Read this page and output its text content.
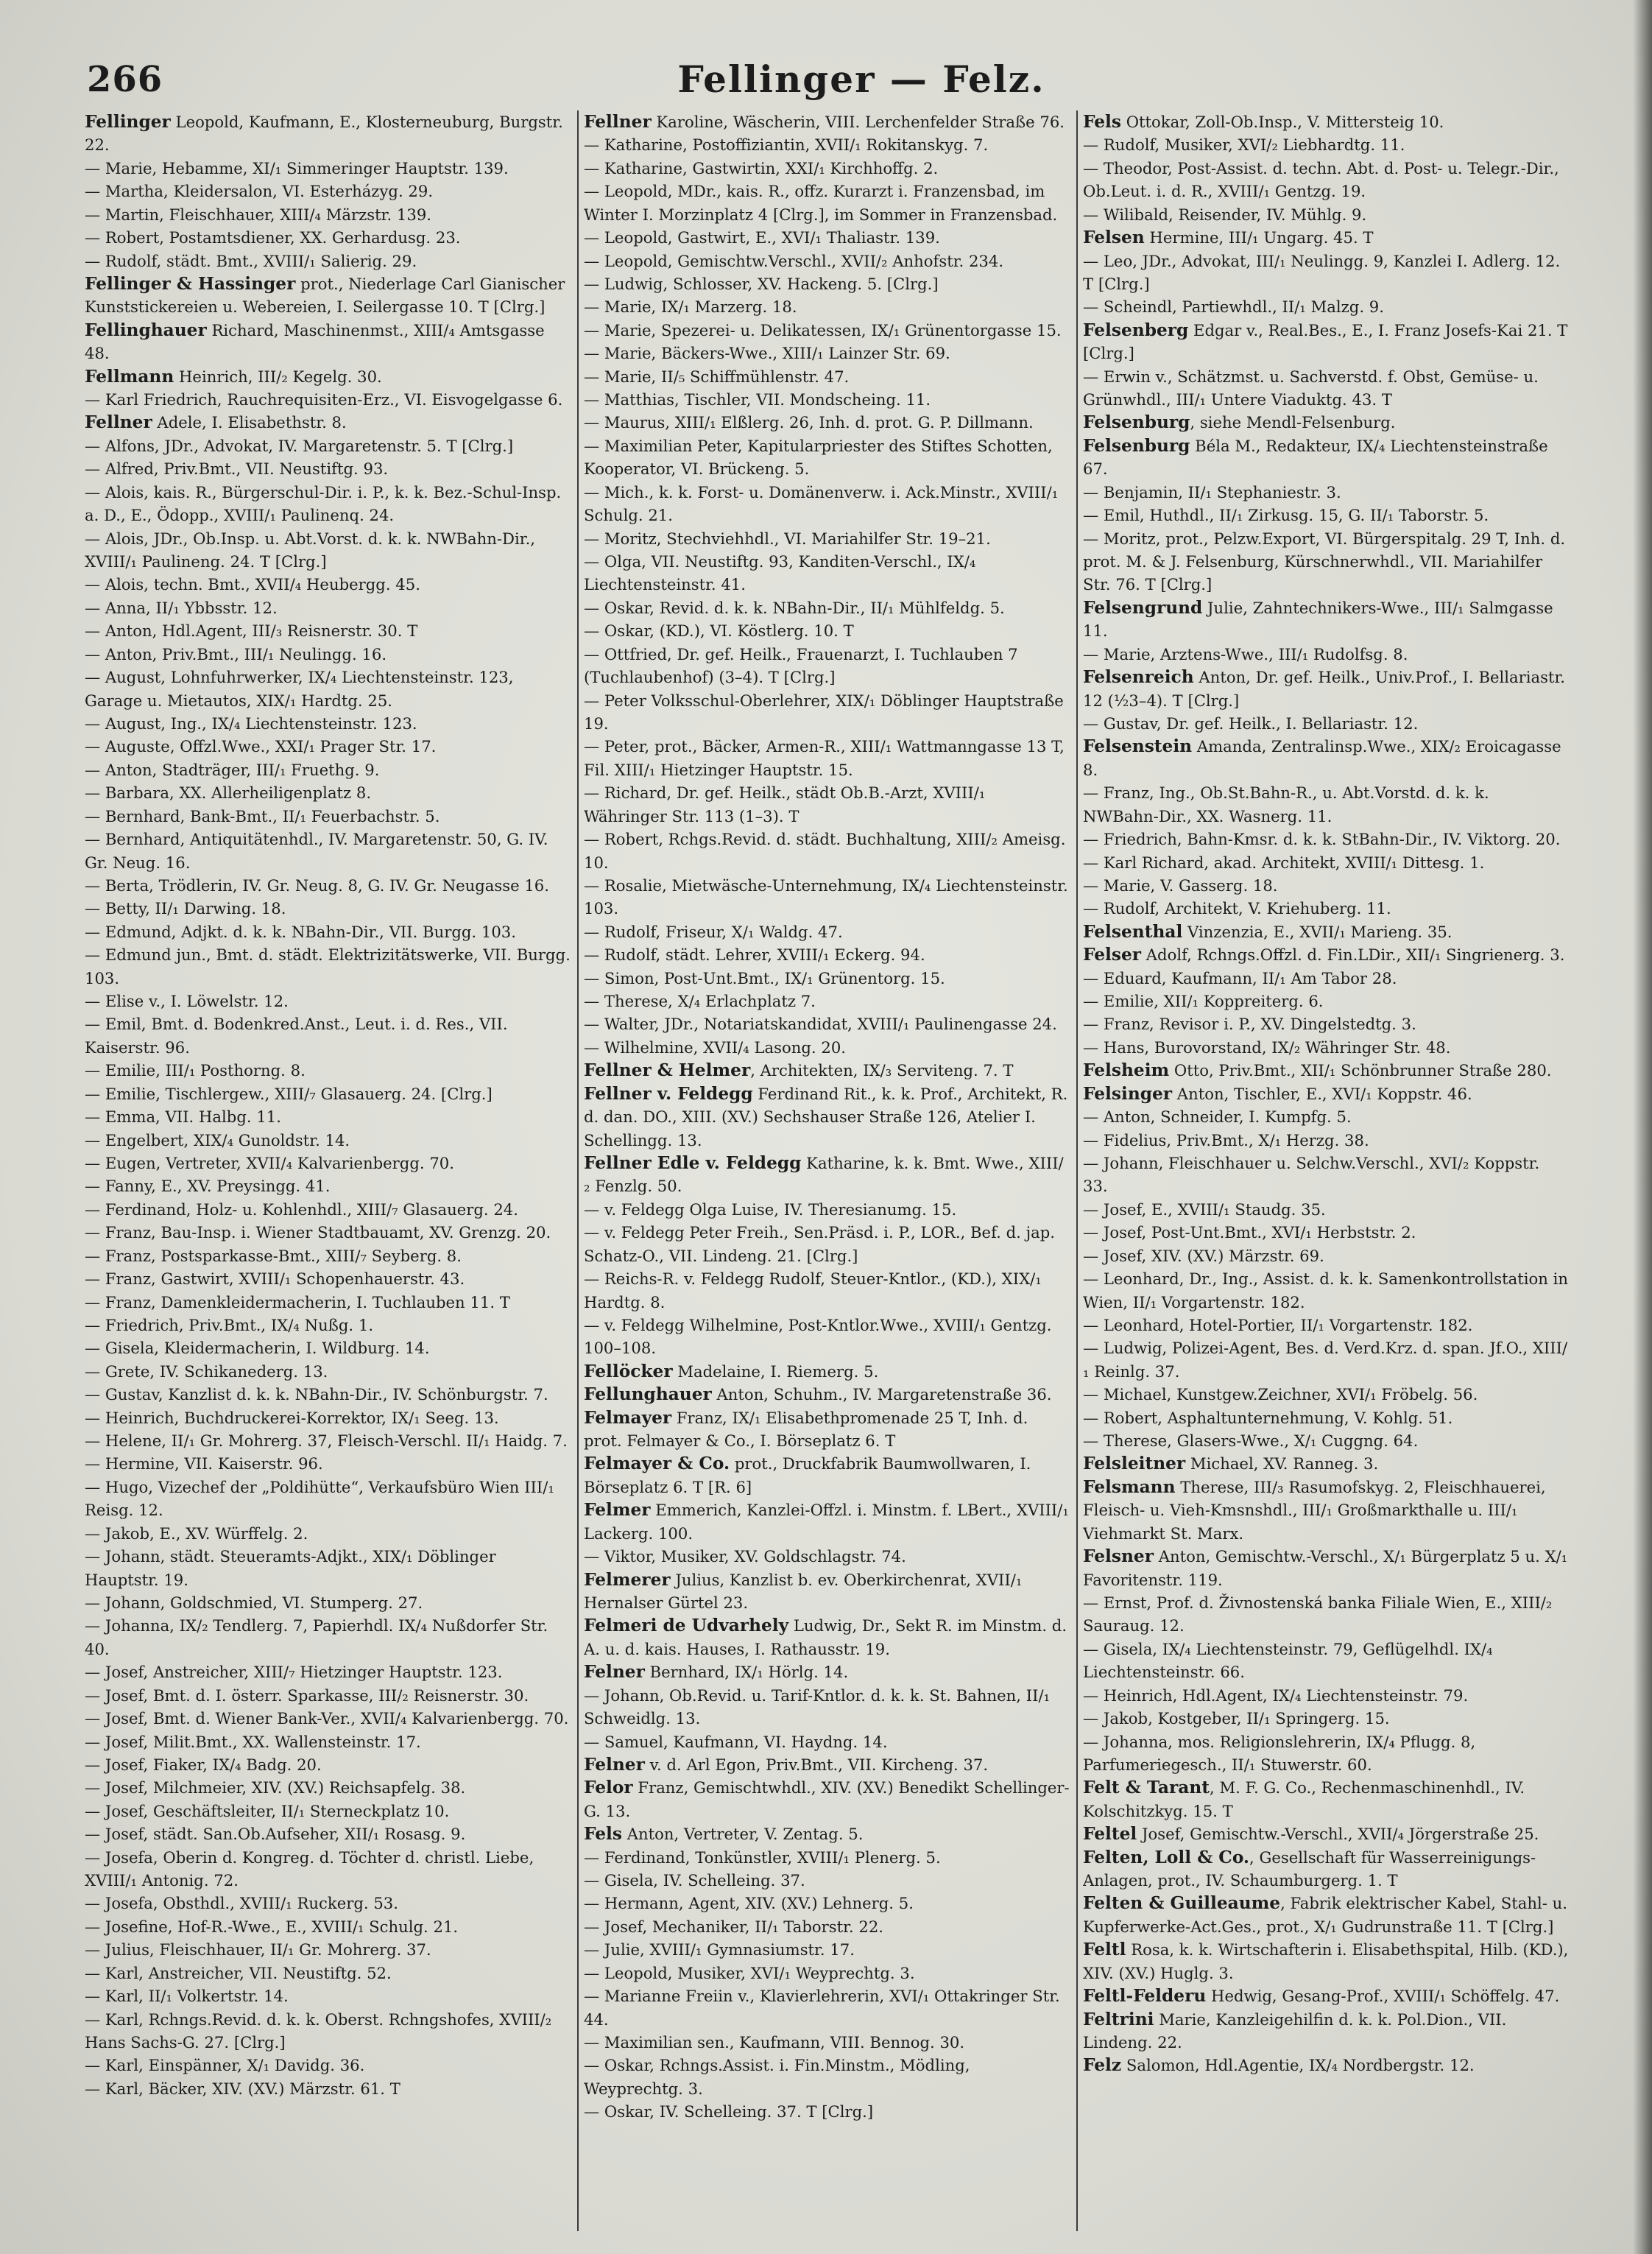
266	Fellinger — Felz.

Fellinger Leopold, Kaufmann, E., Klosterneuburg, Burgstr. 22.

— Marie, Hebamme, XI/₁ Simmeringer Hauptstr. 139.

— Martha, Kleidersalon, VI. Esterházyg. 29.

— Martin, Fleischhauer, XIII/₄ Märzstr. 139.

— Robert, Postamtsdiener, XX. Gerhardusg. 23.

— Rudolf, städt. Bmt., XVIII/₁ Salierig. 29.

Fellinger & Hassinger prot., Niederlage Carl Gianischer Kunststickereien u. Webereien, I. Seilergasse 10. T [Clrg.]

Fellinghauer Richard, Maschinenmst., XIII/₄ Amtsgasse 48.

Fellmann Heinrich, III/₂ Kegelg. 30.

— Karl Friedrich, Rauchrequisiten-Erz., VI. Eisvogelgasse 6.

Fellner Adele, I. Elisabethstr. 8.

— Alfons, JDr., Advokat, IV. Margaretenstr. 5. T [Clrg.]

— Alfred, Priv.Bmt., VII. Neustiftg. 93.

— Alois, kais. R., Bürgerschul-Dir. i. P., k. k. Bez.-Schul-Insp. a. D., E., Ödopp., XVIII/₁ Paulinenq. 24.

— Alois, JDr., Ob.Insp. u. Abt.Vorst. d. k. k. NWBahn-Dir., XVIII/₁ Paulineng. 24. T [Clrg.]

— Alois, techn. Bmt., XVII/₄ Heubergg. 45.

— Anna, II/₁ Ybbsstr. 12.

— Anton, Hdl.Agent, III/₃ Reisnerstr. 30. T

— Anton, Priv.Bmt., III/₁ Neulingg. 16.

— August, Lohnfuhrwerker, IX/₄ Liechtensteinstr. 123, Garage u. Mietautos, XIX/₁ Hardtg. 25.

— August, Ing., IX/₄ Liechtensteinstr. 123.

— Auguste, Offzl.Wwe., XXI/₁ Prager Str. 17.

— Anton, Stadträger, III/₁ Fruethg. 9.

— Barbara, XX. Allerheiligenplatz 8.

— Bernhard, Bank-Bmt., II/₁ Feuerbachstr. 5.

— Bernhard, Antiquitätenhdl., IV. Margaretenstr. 50, G. IV. Gr. Neug. 16.

— Berta, Trödlerin, IV. Gr. Neug. 8, G. IV. Gr. Neugasse 16.

— Betty, II/₁ Darwing. 18.

— Edmund, Adjkt. d. k. k. NBahn-Dir., VII. Burgg. 103.

— Edmund jun., Bmt. d. städt. Elektrizitätswerke, VII. Burgg. 103.

— Elise v., I. Löwelstr. 12.

— Emil, Bmt. d. Bodenkred.Anst., Leut. i. d. Res., VII. Kaiserstr. 96.

— Emilie, III/₁ Posthorng. 8.

— Emilie, Tischlergew., XIII/₇ Glasauerg. 24. [Clrg.]

— Emma, VII. Halbg. 11.

— Engelbert, XIX/₄ Gunoldstr. 14.

— Eugen, Vertreter, XVII/₄ Kalvarienbergg. 70.

— Fanny, E., XV. Preysingg. 41.

— Ferdinand, Holz- u. Kohlenhdl., XIII/₇ Glasauerg. 24.

— Franz, Bau-Insp. i. Wiener Stadtbauamt, XV. Grenzg. 20.

— Franz, Postsparkasse-Bmt., XIII/₇ Seyberg. 8.

— Franz, Gastwirt, XVIII/₁ Schopenhauerstr. 43.

— Franz, Damenkleidermacherin, I. Tuchlauben 11. T

— Friedrich, Priv.Bmt., IX/₄ Nußg. 1.

— Gisela, Kleidermacherin, I. Wildburg. 14.

— Grete, IV. Schikanederg. 13.

— Gustav, Kanzlist d. k. k. NBahn-Dir., IV. Schönburgstr. 7.

— Heinrich, Buchdruckerei-Korrektor, IX/₁ Seeg. 13.

— Helene, II/₁ Gr. Mohrerg. 37, Fleisch-Verschl. II/₁ Haidg. 7.

— Hermine, VII. Kaiserstr. 96.

— Hugo, Vizechef der „Poldihütte“, Verkaufsbüro Wien III/₁ Reisg. 12.

— Jakob, E., XV. Würffelg. 2.

— Johann, städt. Steueramts-Adjkt., XIX/₁ Döblinger Hauptstr. 19.

— Johann, Goldschmied, VI. Stumperg. 27.

— Johanna, IX/₂ Tendlerg. 7, Papierhdl. IX/₄ Nußdorfer Str. 40.

— Josef, Anstreicher, XIII/₇ Hietzinger Hauptstr. 123.

— Josef, Bmt. d. I. österr. Sparkasse, III/₂ Reisnerstr. 30.

— Josef, Bmt. d. Wiener Bank-Ver., XVII/₄ Kalvarienbergg. 70.

— Josef, Milit.Bmt., XX. Wallensteinstr. 17.

— Josef, Fiaker, IX/₄ Badg. 20.

— Josef, Milchmeier, XIV. (XV.) Reichsapfelg. 38.

— Josef, Geschäftsleiter, II/₁ Sterneckplatz 10.

— Josef, städt. San.Ob.Aufseher, XII/₁ Rosasg. 9.

— Josefa, Oberin d. Kongreg. d. Töchter d. christl. Liebe, XVIII/₁ Antonig. 72.

— Josefa, Obsthdl., XVIII/₁ Ruckerg. 53.

— Josefine, Hof-R.-Wwe., E., XVIII/₁ Schulg. 21.

— Julius, Fleischhauer, II/₁ Gr. Mohrerg. 37.

— Karl, Anstreicher, VII. Neustiftg. 52.

— Karl, II/₁ Volkertstr. 14.

— Karl, Rchngs.Revid. d. k. k. Oberst. Rchngshofes, XVIII/₂ Hans Sachs-G. 27. [Clrg.]

— Karl, Einspänner, X/₁ Davidg. 36.

— Karl, Bäcker, XIV. (XV.) Märzstr. 61. T

Fellner Karoline, Wäscherin, VIII. Lerchenfelder Straße 76.

— Katharine, Postoffiziantin, XVII/₁ Rokitanskyg. 7.

— Katharine, Gastwirtin, XXI/₁ Kirchhoffg. 2.

— Leopold, MDr., kais. R., offz. Kurarzt i. Franzensbad, im Winter I. Morzinplatz 4 [Clrg.], im Sommer in Franzensbad.

— Leopold, Gastwirt, E., XVI/₁ Thaliastr. 139.

— Leopold, Gemischtw.Verschl., XVII/₂ Anhofstr. 234.

— Ludwig, Schlosser, XV. Hackeng. 5. [Clrg.]

— Marie, IX/₁ Marzerg. 18.

— Marie, Spezerei- u. Delikatessen, IX/₁ Grünentorgasse 15.

— Marie, Bäckers-Wwe., XIII/₁ Lainzer Str. 69.

— Marie, II/₅ Schiffmühlenstr. 47.

— Matthias, Tischler, VII. Mondscheing. 11.

— Maurus, XIII/₁ Elßlerg. 26, Inh. d. prot. G. P. Dillmann.

— Maximilian Peter, Kapitularpriester des Stiftes Schotten, Kooperator, VI. Brückeng. 5.

— Mich., k. k. Forst- u. Domänenverw. i. Ack.Minstr., XVIII/₁ Schulg. 21.

— Moritz, Stechviehhdl., VI. Mariahilfer Str. 19–21.

— Olga, VII. Neustiftg. 93, Kanditen-Verschl., IX/₄ Liechtensteinstr. 41.

— Oskar, Revid. d. k. k. NBahn-Dir., II/₁ Mühlfeldg. 5.

— Oskar, (KD.), VI. Köstlerg. 10. T

— Ottfried, Dr. gef. Heilk., Frauenarzt, I. Tuchlauben 7 (Tuchlaubenhof) (3–4). T [Clrg.]

— Peter Volksschul-Oberlehrer, XIX/₁ Döblinger Hauptstraße 19.

— Peter, prot., Bäcker, Armen-R., XIII/₁ Wattmanngasse 13 T, Fil. XIII/₁ Hietzinger Hauptstr. 15.

— Richard, Dr. gef. Heilk., städt Ob.B.-Arzt, XVIII/₁ Währinger Str. 113 (1–3). T

— Robert, Rchgs.Revid. d. städt. Buchhaltung, XIII/₂ Ameisg. 10.

— Rosalie, Mietwäsche-Unternehmung, IX/₄ Liechtensteinstr. 103.

— Rudolf, Friseur, X/₁ Waldg. 47.

— Rudolf, städt. Lehrer, XVIII/₁ Eckerg. 94.

— Simon, Post-Unt.Bmt., IX/₁ Grünentorg. 15.

— Therese, X/₄ Erlachplatz 7.

— Walter, JDr., Notariatskandidat, XVIII/₁ Paulinengasse 24.

— Wilhelmine, XVII/₄ Lasong. 20.

Fellner & Helmer, Architekten, IX/₃ Serviteng. 7. T

Fellner v. Feldegg Ferdinand Rit., k. k. Prof., Architekt, R. d. dan. DO., XIII. (XV.) Sechshauser Straße 126, Atelier I. Schellingg. 13.

Fellner Edle v. Feldegg Katharine, k. k. Bmt. Wwe., XIII/₂ Fenzlg. 50.

— v. Feldegg Olga Luise, IV. Theresianumg. 15.

— v. Feldegg Peter Freih., Sen.Präsd. i. P., LOR., Bef. d. jap. Schatz-O., VII. Lindeng. 21. [Clrg.]

— Reichs-R. v. Feldegg Rudolf, Steuer-Kntlor., (KD.), XIX/₁ Hardtg. 8.

— v. Feldegg Wilhelmine, Post-Kntlor.Wwe., XVIII/₁ Gentzg. 100–108.

Fellöcker Madelaine, I. Riemerg. 5.

Fellunghauer Anton, Schuhm., IV. Margaretenstraße 36.

Felmayer Franz, IX/₁ Elisabethpromenade 25 T, Inh. d. prot. Felmayer & Co., I. Börseplatz 6. T

Felmayer & Co. prot., Druckfabrik Baumwollwaren, I. Börseplatz 6. T [R. 6]

Felmer Emmerich, Kanzlei-Offzl. i. Minstm. f. LBert., XVIII/₁ Lackerg. 100.

— Viktor, Musiker, XV. Goldschlagstr. 74.

Felmerer Julius, Kanzlist b. ev. Oberkirchenrat, XVII/₁ Hernalser Gürtel 23.

Felmeri de Udvarhely Ludwig, Dr., Sekt R. im Minstm. d. A. u. d. kais. Hauses, I. Rathausstr. 19.

Felner Bernhard, IX/₁ Hörlg. 14.

— Johann, Ob.Revid. u. Tarif-Kntlor. d. k. k. St. Bahnen, II/₁ Schweidlg. 13.

— Samuel, Kaufmann, VI. Haydng. 14.

Felner v. d. Arl Egon, Priv.Bmt., VII. Kircheng. 37.

Felor Franz, Gemischtwhdl., XIV. (XV.) Benedikt Schellinger-G. 13.

Fels Anton, Vertreter, V. Zentag. 5.

— Ferdinand, Tonkünstler, XVIII/₁ Plenerg. 5.

— Gisela, IV. Schelleing. 37.

— Hermann, Agent, XIV. (XV.) Lehnerg. 5.

— Josef, Mechaniker, II/₁ Taborstr. 22.

— Julie, XVIII/₁ Gymnasiumstr. 17.

— Leopold, Musiker, XVI/₁ Weyprechtg. 3.

— Marianne Freiin v., Klavierlehrerin, XVI/₁ Ottakringer Str. 44.

— Maximilian sen., Kaufmann, VIII. Bennog. 30.

— Oskar, Rchngs.Assist. i. Fin.Minstm., Mödling, Weyprechtg. 3.

— Oskar, IV. Schelleing. 37. T [Clrg.]

Fels Ottokar, Zoll-Ob.Insp., V. Mittersteig 10.

— Rudolf, Musiker, XVI/₂ Liebhardtg. 11.

— Theodor, Post-Assist. d. techn. Abt. d. Post- u. Telegr.-Dir., Ob.Leut. i. d. R., XVIII/₁ Gentzg. 19.

— Wilibald, Reisender, IV. Mühlg. 9.

Felsen Hermine, III/₁ Ungarg. 45. T

— Leo, JDr., Advokat, III/₁ Neulingg. 9, Kanzlei I. Adlerg. 12. T [Clrg.]

— Scheindl, Partiewhdl., II/₁ Malzg. 9.

Felsenberg Edgar v., Real.Bes., E., I. Franz Josefs-Kai 21. T [Clrg.]

— Erwin v., Schätzmst. u. Sachverstd. f. Obst, Gemüse- u. Grünwhdl., III/₁ Untere Viaduktg. 43. T

Felsenburg, siehe Mendl-Felsenburg.

Felsenburg Béla M., Redakteur, IX/₄ Liechtensteinstraße 67.

— Benjamin, II/₁ Stephaniestr. 3.

— Emil, Huthdl., II/₁ Zirkusg. 15, G. II/₁ Taborstr. 5.

— Moritz, prot., Pelzw.Export, VI. Bürgerspitalg. 29 T, Inh. d. prot. M. & J. Felsenburg, Kürschnerwhdl., VII. Mariahilfer Str. 76. T [Clrg.]

Felsengrund Julie, Zahntechnikers-Wwe., III/₁ Salmgasse 11.

— Marie, Arztens-Wwe., III/₁ Rudolfsg. 8.

Felsenreich Anton, Dr. gef. Heilk., Univ.Prof., I. Bellariastr. 12 (½3–4). T [Clrg.]

— Gustav, Dr. gef. Heilk., I. Bellariastr. 12.

Felsenstein Amanda, Zentralinsp.Wwe., XIX/₂ Eroicagasse 8.

— Franz, Ing., Ob.St.Bahn-R., u. Abt.Vorstd. d. k. k. NWBahn-Dir., XX. Wasnerg. 11.

— Friedrich, Bahn-Kmsr. d. k. k. StBahn-Dir., IV. Viktorg. 20.

— Karl Richard, akad. Architekt, XVIII/₁ Dittesg. 1.

— Marie, V. Gasserg. 18.

— Rudolf, Architekt, V. Kriehuberg. 11.

Felsenthal Vinzenzia, E., XVII/₁ Marieng. 35.

Felser Adolf, Rchngs.Offzl. d. Fin.LDir., XII/₁ Singrienerg. 3.

— Eduard, Kaufmann, II/₁ Am Tabor 28.

— Emilie, XII/₁ Koppreiterg. 6.

— Franz, Revisor i. P., XV. Dingelstedtg. 3.

— Hans, Burovorstand, IX/₂ Währinger Str. 48.

Felsheim Otto, Priv.Bmt., XII/₁ Schönbrunner Straße 280.

Felsinger Anton, Tischler, E., XVI/₁ Koppstr. 46.

— Anton, Schneider, I. Kumpfg. 5.

— Fidelius, Priv.Bmt., X/₁ Herzg. 38.

— Johann, Fleischhauer u. Selchw.Verschl., XVI/₂ Koppstr. 33.

— Josef, E., XVIII/₁ Staudg. 35.

— Josef, Post-Unt.Bmt., XVI/₁ Herbststr. 2.

— Josef, XIV. (XV.) Märzstr. 69.

— Leonhard, Dr., Ing., Assist. d. k. k. Samenkontrollstation in Wien, II/₁ Vorgartenstr. 182.

— Leonhard, Hotel-Portier, II/₁ Vorgartenstr. 182.

— Ludwig, Polizei-Agent, Bes. d. Verd.Krz. d. span. Jf.O., XIII/₁ Reinlg. 37.

— Michael, Kunstgew.Zeichner, XVI/₁ Fröbelg. 56.

— Robert, Asphaltunternehmung, V. Kohlg. 51.

— Therese, Glasers-Wwe., X/₁ Cuggng. 64.

Felsleitner Michael, XV. Ranneg. 3.

Felsmann Therese, III/₃ Rasumofskyg. 2, Fleischhauerei, Fleisch- u. Vieh-Kmsnshdl., III/₁ Großmarkthalle u. III/₁ Viehmarkt St. Marx.

Felsner Anton, Gemischtw.-Verschl., X/₁ Bürgerplatz 5 u. X/₁ Favoritenstr. 119.

— Ernst, Prof. d. Živnostenská banka Filiale Wien, E., XIII/₂ Sauraug. 12.

— Gisela, IX/₄ Liechtensteinstr. 79, Geflügelhdl. IX/₄ Liechtensteinstr. 66.

— Heinrich, Hdl.Agent, IX/₄ Liechtensteinstr. 79.

— Jakob, Kostgeber, II/₁ Springerg. 15.

— Johanna, mos. Religionslehrerin, IX/₄ Pflugg. 8, Parfumeriegesch., II/₁ Stuwerstr. 60.

Felt & Tarant, M. F. G. Co., Rechenmaschinenhdl., IV. Kolschitzkyg. 15. T

Feltel Josef, Gemischtw.-Verschl., XVII/₄ Jörgerstraße 25.

Felten, Loll & Co., Gesellschaft für Wasserreinigungs-Anlagen, prot., IV. Schaumburgerg. 1. T

Felten & Guilleaume, Fabrik elektrischer Kabel, Stahl- u. Kupferwerke-Act.Ges., prot., X/₁ Gudrunstraße 11. T [Clrg.]

Feltl Rosa, k. k. Wirtschafterin i. Elisabethspital, Hilb. (KD.), XIV. (XV.) Huglg. 3.

Feltl-Felderu Hedwig, Gesang-Prof., XVIII/₁ Schöffelg. 47.

Feltrini Marie, Kanzleigehilfin d. k. k. Pol.Dion., VII. Lindeng. 22.

Felz Salomon, Hdl.Agentie, IX/₄ Nordbergstr. 12.
